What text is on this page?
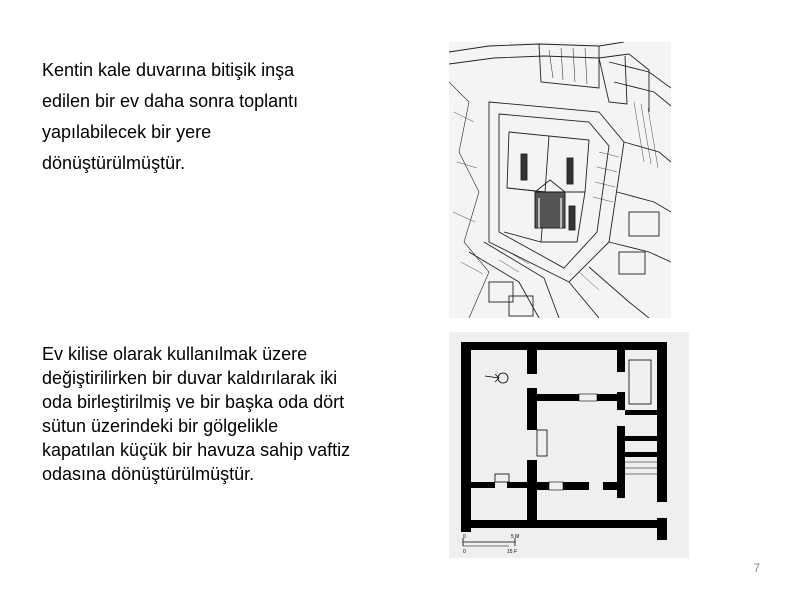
Kentin kale duvarına bitişik inşa
edilen bir ev daha sonra toplantı
yapılabilecek bir yere
dönüştürülmüştür.
Ev kilise olarak kullanılmak üzere
değiştirilirken bir duvar kaldırılarak iki
oda birleştirilmiş ve bir başka oda dört
sütun üzerindeki bir gölgelikle
kapatılan küçük bir havuza sahip vaftiz
odasına dönüştürülmüştür.
0	5 M
0	15 F
7
